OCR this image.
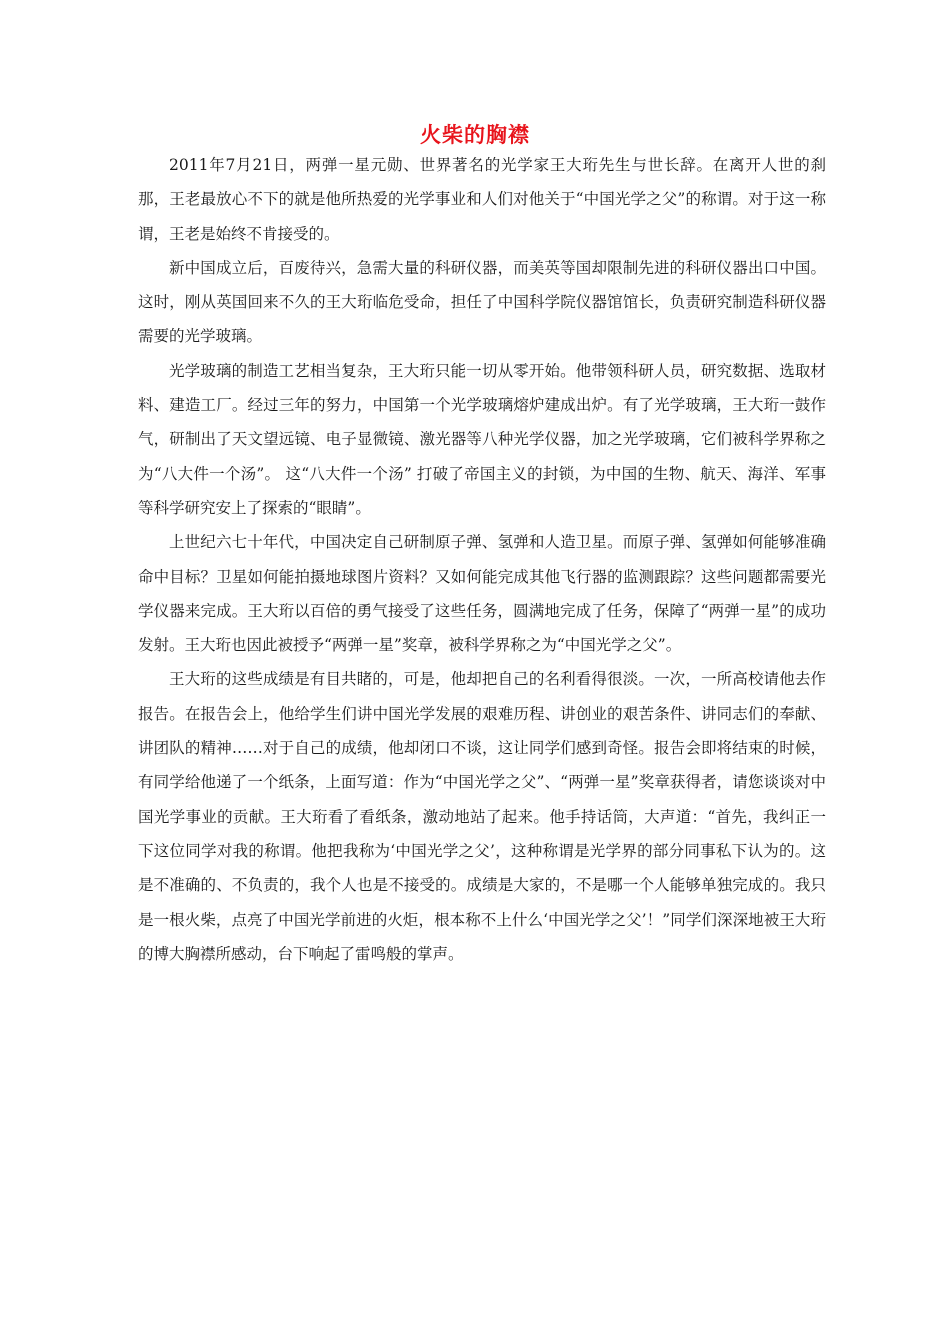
火柴的胸襟

2011年7月21日，两弹一星元勋、世界著名的光学家王大珩先生与世长辞。在离开人世的刹那，王老最放心不下的就是他所热爱的光学事业和人们对他关于“中国光学之父”的称谓。对于这一称谓，王老是始终不肯接受的。

新中国成立后，百废待兴，急需大量的科研仪器，而美英等国却限制先进的科研仪器出口中国。这时，刚从英国回来不久的王大珩临危受命，担任了中国科学院仪器馆馆长，负责研究制造科研仪器需要的光学玻璃。

光学玻璃的制造工艺相当复杂，王大珩只能一切从零开始。他带领科研人员，研究数据、选取材料、建造工厂。经过三年的努力，中国第一个光学玻璃熔炉建成出炉。有了光学玻璃，王大珩一鼓作气，研制出了天文望远镜、电子显微镜、激光器等八种光学仪器，加之光学玻璃，它们被科学界称之为“八大件一个汤”。 这“八大件一个汤” 打破了帝国主义的封锁，为中国的生物、航天、海洋、军事等科学研究安上了探索的“眼睛”。

上世纪六七十年代，中国决定自己研制原子弹、氢弹和人造卫星。而原子弹、氢弹如何能够准确命中目标？卫星如何能拍摄地球图片资料？又如何能完成其他飞行器的监测跟踪？这些问题都需要光学仪器来完成。王大珩以百倍的勇气接受了这些任务，圆满地完成了任务，保障了“两弹一星”的成功发射。王大珩也因此被授予“两弹一星”奖章，被科学界称之为“中国光学之父”。

王大珩的这些成绩是有目共睹的，可是，他却把自己的名利看得很淡。一次，一所高校请他去作报告。在报告会上，他给学生们讲中国光学发展的艰难历程、讲创业的艰苦条件、讲同志们的奉献、讲团队的精神……对于自己的成绩，他却闭口不谈，这让同学们感到奇怪。报告会即将结束的时候，有同学给他递了一个纸条，上面写道：作为“中国光学之父”、“两弹一星”奖章获得者，请您谈谈对中国光学事业的贡献。王大珩看了看纸条，激动地站了起来。他手持话筒，大声道：“首先，我纠正一下这位同学对我的称谓。他把我称为‘中国光学之父’，这种称谓是光学界的部分同事私下认为的。这是不准确的、不负责的，我个人也是不接受的。成绩是大家的，不是哪一个人能够单独完成的。我只是一根火柴，点亮了中国光学前进的火炬，根本称不上什么‘中国光学之父’！”同学们深深地被王大珩的博大胸襟所感动，台下响起了雷鸣般的掌声。
